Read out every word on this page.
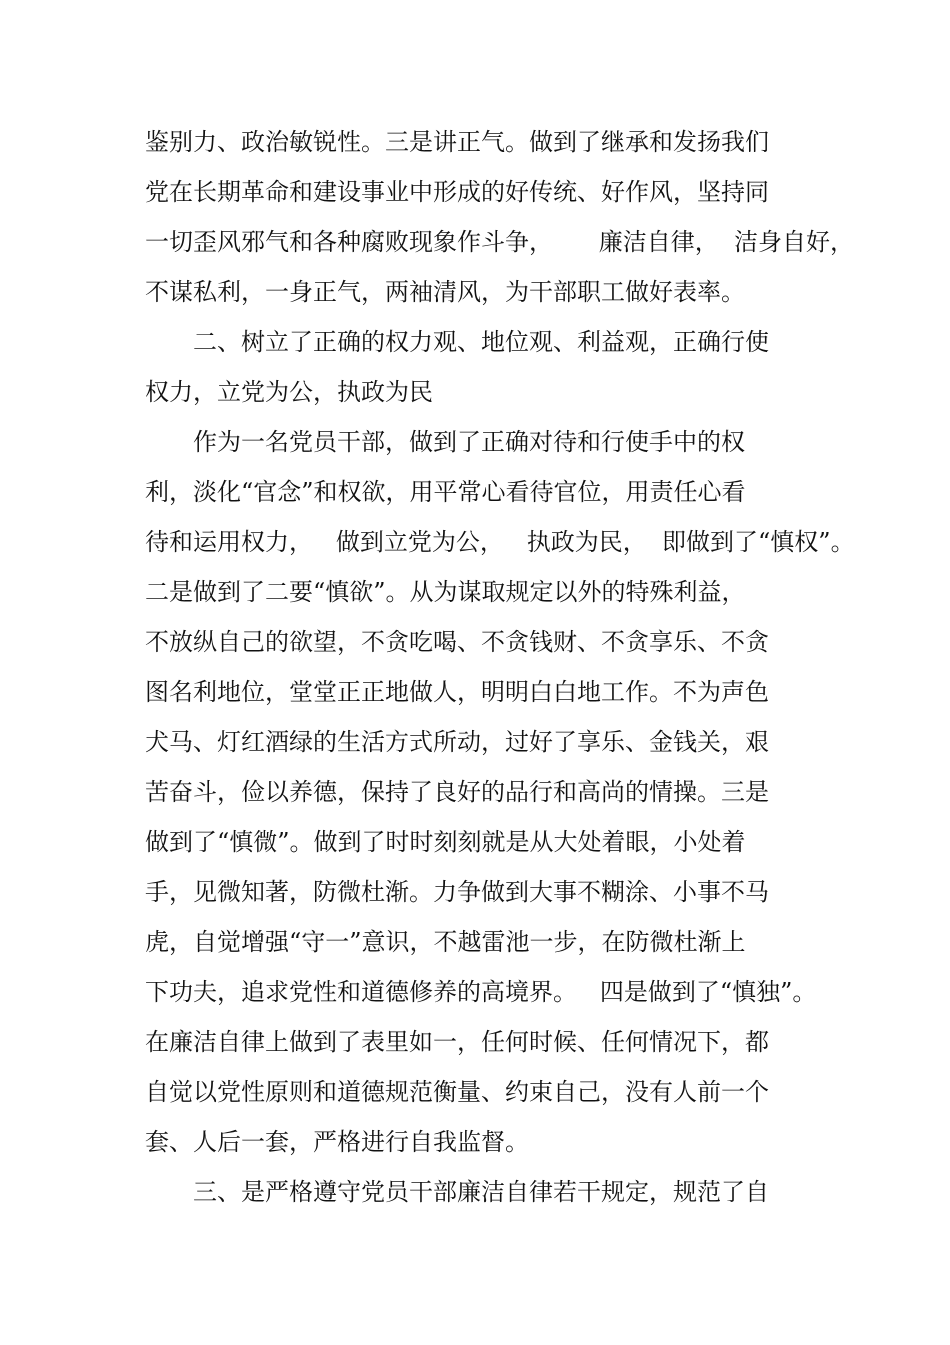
鉴别力、政治敏锐性。三是讲正气。做到了继承和发扬我们
党在长期革命和建设事业中形成的好传统、好作风，坚持同
一切歪风邪气和各种腐败现象作斗争，      廉洁自律，  洁身自好，
不谋私利，一身正气，两袖清风，为干部职工做好表率。
二、树立了正确的权力观、地位观、利益观，正确行使
权力，立党为公，执政为民
作为一名党员干部，做到了正确对待和行使手中的权
利，淡化“官念”和权欲，用平常心看待官位，用责任心看
待和运用权力，   做到立党为公，   执政为民，  即做到了“慎权”。
二是做到了二要“慎欲”。从为谋取规定以外的特殊利益，
不放纵自己的欲望，不贪吃喝、不贪钱财、不贪享乐、不贪
图名利地位，堂堂正正地做人，明明白白地工作。不为声色
犬马、灯红酒绿的生活方式所动，过好了享乐、金钱关，艰
苦奋斗，俭以养德，保持了良好的品行和高尚的情操。三是
做到了“慎微”。做到了时时刻刻就是从大处着眼，小处着
手，见微知著，防微杜渐。力争做到大事不糊涂、小事不马
虎，自觉增强“守一”意识，不越雷池一步，在防微杜渐上
下功夫，追求党性和道德修养的高境界。   四是做到了“慎独”。
在廉洁自律上做到了表里如一，任何时候、任何情况下，都
自觉以党性原则和道德规范衡量、约束自己，没有人前一个
套、人后一套，严格进行自我监督。
三、是严格遵守党员干部廉洁自律若干规定，规范了自
